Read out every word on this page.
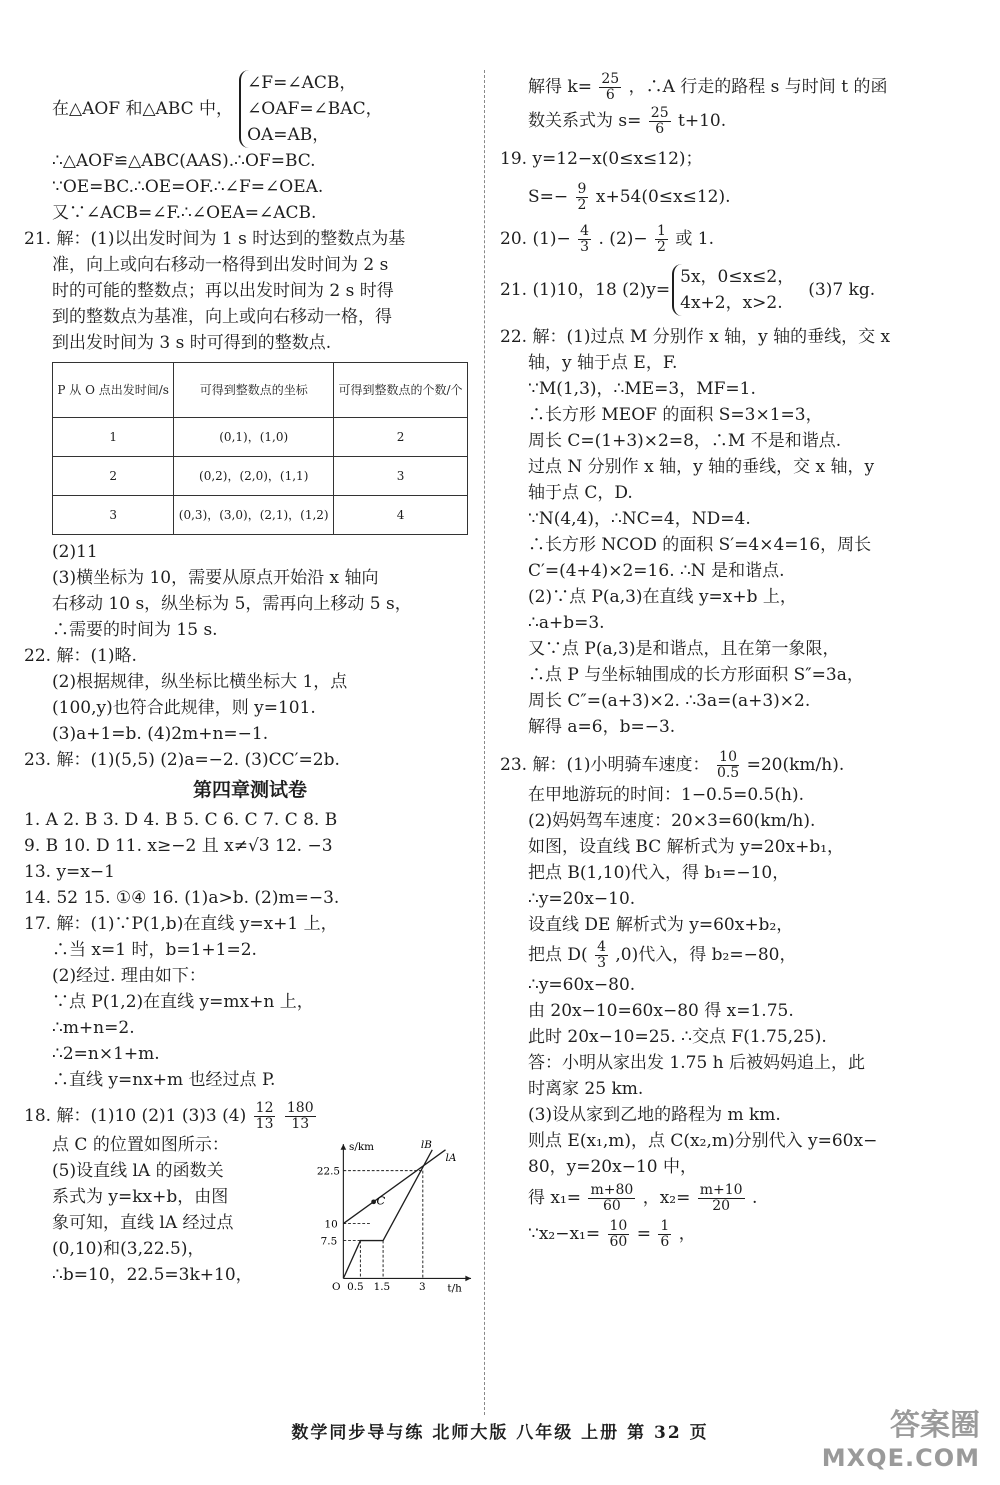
在△AOF 和△ABC 中，
∠F=∠ACB，
∠OAF=∠BAC，
OA=AB，
∴△AOF≌△ABC(AAS).∴OF=BC.
∵OE=BC.∴OE=OF.∴∠F=∠OEA.
又∵∠ACB=∠F.∴∠OEA=∠ACB.
21. 解：(1)以出发时间为 1 s 时达到的整数点为基
准，向上或向右移动一格得到出发时间为 2 s
时的可能的整数点；再以出发时间为 2 s 时得
到的整数点为基准，向上或向右移动一格，得
到出发时间为 3 s 时可得到的整数点.
P 从 O 点出发时间/s	可得到整数点的坐标	可得到整数点的个数/个
1	(0,1)，(1,0)	2
2	(0,2)，(2,0)，(1,1)	3
3	(0,3)，(3,0)，(2,1)，(1,2)	4
(2)11
(3)横坐标为 10，需要从原点开始沿 x 轴向
右移动 10 s，纵坐标为 5，需再向上移动 5 s，
∴需要的时间为 15 s.
22. 解：(1)略.
(2)根据规律，纵坐标比横坐标大 1，点
(100,y)也符合此规律，则 y=101.
(3)a+1=b. (4)2m+n=−1.
23. 解：(1)(5,5) (2)a=−2. (3)CC′=2b.
第四章测试卷
1. A 2. B 3. D 4. B 5. C 6. C 7. C 8. B
9. B 10. D 11. x≥−2 且 x≠√3 12. −3
13. y=x−1
14. 52 15. ①④ 16. (1)a>b. (2)m=−3.
17. 解：(1)∵P(1,b)在直线 y=x+1 上，
∴当 x=1 时，b=1+1=2.
(2)经过. 理由如下：
∵点 P(1,2)在直线 y=mx+n 上，
∴m+n=2.
∴2=n×1+m.
∴直线 y=nx+m 也经过点 P.
18. 解：(1)10 (2)1 (3)3 $(4) \frac{12}{13}$
$\frac{180}{13}$
点 C 的位置如图所示：
(5)设直线 lA 的函数关
系式为 y=kx+b，由图
象可知，直线 lA 经过点
(0,10)和(3,22.5)，
∴b=10，22.5=3k+10，
s/km
t/h
O
22.5
10
7.5
0.5 1.5	3
C
lB
lA
解得 $k= \frac{25}{6}$ ，∴A 行走的路程 s 与时间 t 的函
数关系式为 $s= \frac{25}{6} t+10$.
19. y=12−x(0≤x≤12)；
$S=- \frac{9}{2} x+54(0\le x\le 12)$.
20. $(1)- \frac{4}{3}$ . $(2)- \frac{1}{2}$ 或 1.
21. (1)10，18 (2)y=
5x，0≤x≤2，
4x+2，x>2.
(3)7 kg.
22. 解：(1)过点 M 分别作 x 轴，y 轴的垂线，交 x
轴，y 轴于点 E，F.
∵M(1,3)，∴ME=3，MF=1.
∴长方形 MEOF 的面积 S=3×1=3，
周长 C=(1+3)×2=8，∴M 不是和谐点.
过点 N 分别作 x 轴，y 轴的垂线，交 x 轴，y
轴于点 C，D.
∵N(4,4)，∴NC=4，ND=4.
∴长方形 NCOD 的面积 S′=4×4=16，周长
C′=(4+4)×2=16. ∴N 是和谐点.
(2)∵点 P(a,3)在直线 y=x+b 上，
∴a+b=3.
又∵点 P(a,3)是和谐点，且在第一象限，
∴点 P 与坐标轴围成的长方形面积 S″=3a，
周长 C″=(a+3)×2. ∴3a=(a+3)×2.
解得 a=6，b=−3.
23. 解：(1)小明骑车速度： $\frac{10}{0.5} =20(km/h)$.
在甲地游玩的时间：1−0.5=0.5(h).
(2)妈妈驾车速度：20×3=60(km/h).
如图，设直线 BC 解析式为 y=20x+b₁，
把点 B(1,10)代入，得 b₁=−10，
∴y=20x−10.
设直线 DE 解析式为 y=60x+b₂，
把点 $D( \frac{4}{3} ,0)$代入，得 b₂=−80，
∴y=60x−80.
由 20x−10=60x−80 得 x=1.75.
此时 20x−10=25. ∴交点 F(1.75,25).
答：小明从家出发 1.75 h 后被妈妈追上，此
时离家 25 km.
(3)设从家到乙地的路程为 m km.
则点 E(x₁,m)，点 C(x₂,m)分别代入 y=60x−
80，y=20x−10 中，
得 $x_1= \frac{m+80}{60}$ ，$x_2= \frac{m+10}{20}$ .
∵x₂−x₁= $\frac{10}{60} = \frac{1}{6}$ ，
数学同步导与练 北师大版 八年级 上册 第 32 页	答案圈
MXQE.COM
